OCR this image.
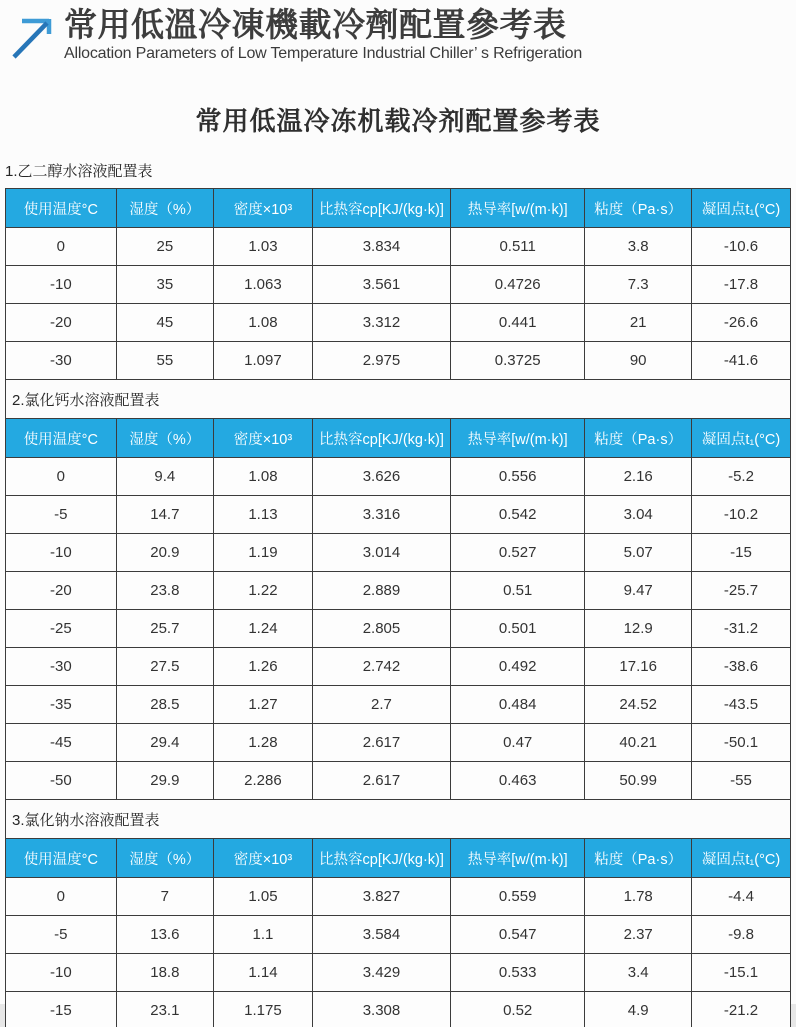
常用低溫冷凍機載冷劑配置參考表
Allocation Parameters of Low Temperature Industrial Chiller’ s Refrigeration
常用低温冷冻机载冷剂配置参考表
1.乙二醇水溶液配置表
使用温度°C	湿度（%）	密度×10³	比热容cp[KJ/(kg·k)]	热导率[w/(m·k)]	粘度（Pa·s）	凝固点t₁(°C)
0	25	1.03	3.834	0.511	3.8	-10.6
-10	35	1.063	3.561	0.4726	7.3	-17.8
-20	45	1.08	3.312	0.441	21	-26.6
-30	55	1.097	2.975	0.3725	90	-41.6
2.氯化钙水溶液配置表
使用温度°C	湿度（%）	密度×10³	比热容cp[KJ/(kg·k)]	热导率[w/(m·k)]	粘度（Pa·s）	凝固点t₁(°C)
0	9.4	1.08	3.626	0.556	2.16	-5.2
-5	14.7	1.13	3.316	0.542	3.04	-10.2
-10	20.9	1.19	3.014	0.527	5.07	-15
-20	23.8	1.22	2.889	0.51	9.47	-25.7
-25	25.7	1.24	2.805	0.501	12.9	-31.2
-30	27.5	1.26	2.742	0.492	17.16	-38.6
-35	28.5	1.27	2.7	0.484	24.52	-43.5
-45	29.4	1.28	2.617	0.47	40.21	-50.1
-50	29.9	2.286	2.617	0.463	50.99	-55
3.氯化钠水溶液配置表
使用温度°C	湿度（%）	密度×10³	比热容cp[KJ/(kg·k)]	热导率[w/(m·k)]	粘度（Pa·s）	凝固点t₁(°C)
0	7	1.05	3.827	0.559	1.78	-4.4
-5	13.6	1.1	3.584	0.547	2.37	-9.8
-10	18.8	1.14	3.429	0.533	3.4	-15.1
-15	23.1	1.175	3.308	0.52	4.9	-21.2
